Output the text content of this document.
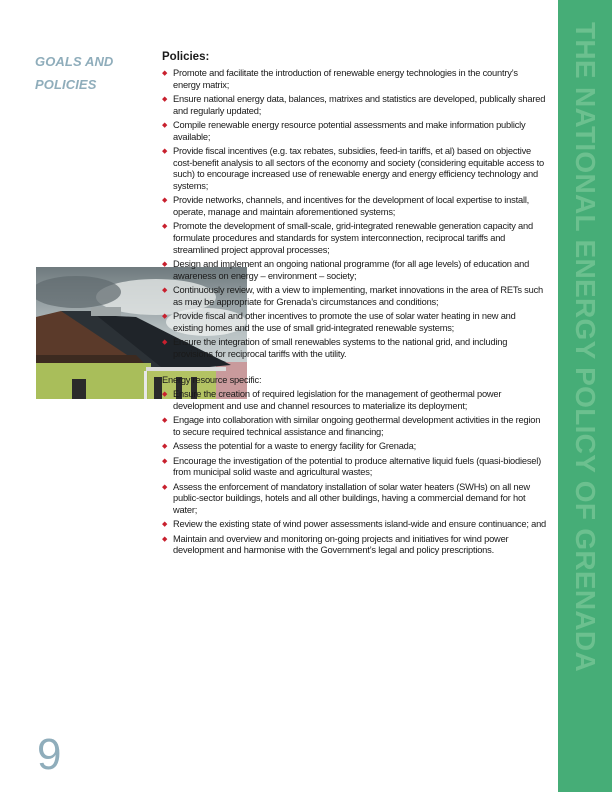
GOALS AND
POLICIES
Policies:
◆ Promote and facilitate the introduction of renewable energy technologies in the country’s energy matrix;
◆ Ensure national energy data, balances, matrixes and statistics are developed, publically shared and regularly updated;
◆ Compile renewable energy resource potential assessments and make information publicly available;
◆ Provide fiscal incentives (e.g. tax rebates, subsidies, feed-in tariffs, et al) based on objective cost-benefit analysis to all sectors of the economy and society (considering equitable access to such) to encourage increased use of renewable energy and energy efficiency technology and systems;
◆ Provide networks, channels, and incentives for the development of local expertise to install, operate, manage and maintain aforementioned systems;
◆ Promote the development of small-scale, grid-integrated renewable generation capacity and formulate procedures and standards for system interconnection, reciprocal tariffs and streamlined project approval processes;
◆ Design and implement an ongoing national programme (for all age levels) of education and awareness on energy – environment – society;
◆ Continuously review, with a view to implementing, market innovations in the area of RETs such as may be appropriate for Grenada’s circumstances and conditions;
◆ Provide fiscal and other incentives to promote the use of solar water heating in new and existing homes and the use of small grid-integrated renewable systems;
◆ Ensure the integration of small renewables systems to the national grid, and including provisions for reciprocal tariffs with the utility.
Energy resource specific:
◆ Ensure the creation of required legislation for the management of geothermal power development and use and channel resources to materialize its deployment;
◆ Engage into collaboration with similar ongoing geothermal development activities in the region to secure required technical assistance and financing;
◆ Assess the potential for a waste to energy facility for Grenada;
◆ Encourage the investigation of the potential to produce alternative liquid fuels (quasi-biodiesel) from municipal solid waste and agricultural wastes;
◆ Assess the enforcement of mandatory installation of solar water heaters (SWHs) on all new public-sector buildings, hotels and all other buildings, having a commercial demand for hot water;
◆ Review the existing state of wind power assessments island-wide and ensure continuance; and
◆ Maintain and overview and monitoring on-going projects and initiatives for wind power development and harmonise with the Government’s legal and policy prescriptions.
9
THE NATIONAL ENERGY POLICY OF GRENADA
